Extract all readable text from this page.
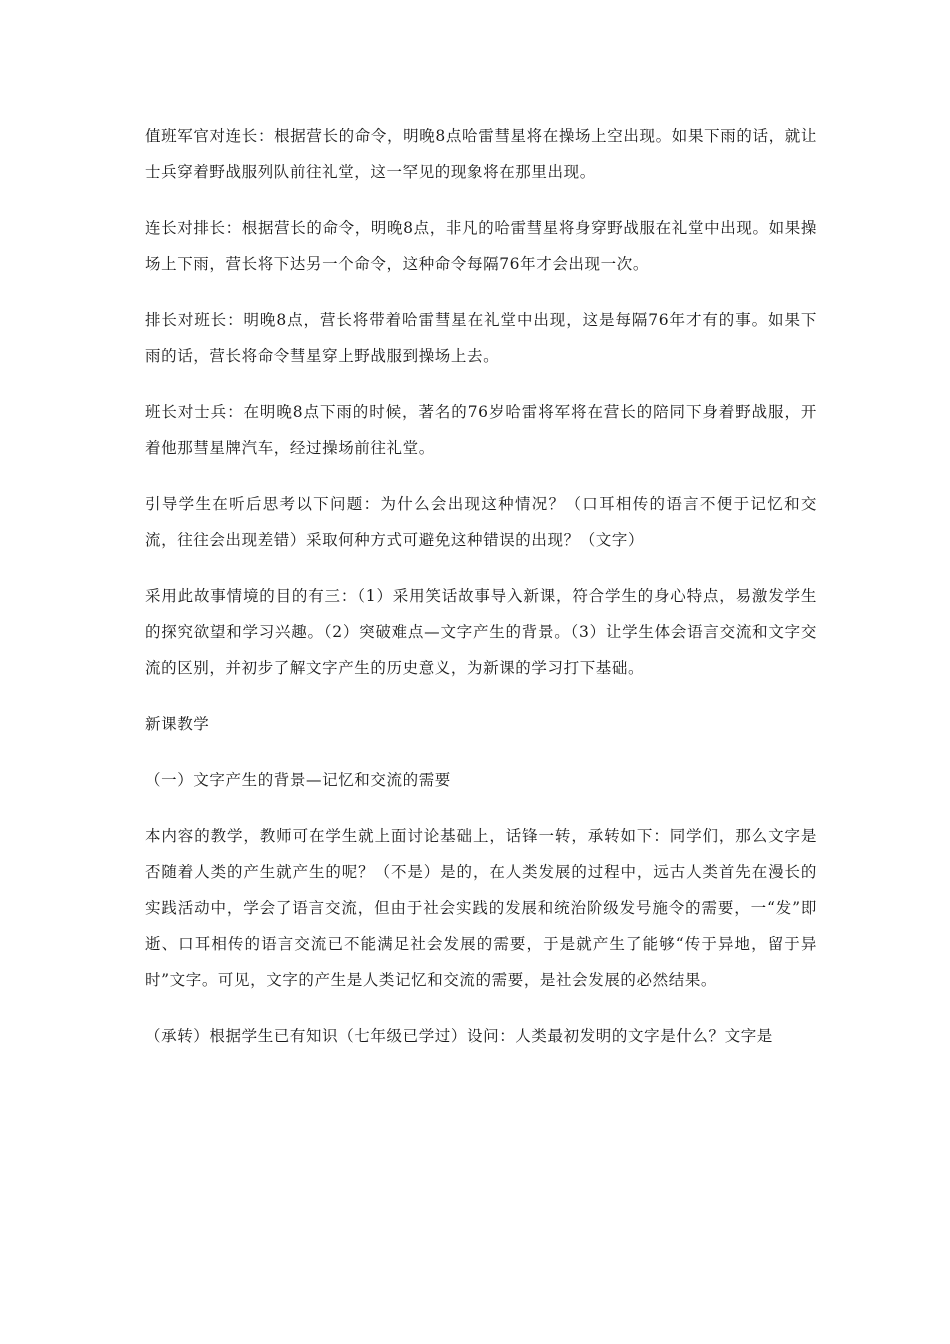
值班军官对连长：根据营长的命令，明晚8点哈雷彗星将在操场上空出现。如果下雨的话，就让士兵穿着野战服列队前往礼堂，这一罕见的现象将在那里出现。

连长对排长：根据营长的命令，明晚8点，非凡的哈雷彗星将身穿野战服在礼堂中出现。如果操场上下雨，营长将下达另一个命令，这种命令每隔76年才会出现一次。

排长对班长：明晚8点，营长将带着哈雷彗星在礼堂中出现，这是每隔76年才有的事。如果下雨的话，营长将命令彗星穿上野战服到操场上去。

班长对士兵：在明晚8点下雨的时候，著名的76岁哈雷将军将在营长的陪同下身着野战服，开着他那彗星牌汽车，经过操场前往礼堂。

引导学生在听后思考以下问题：为什么会出现这种情况？（口耳相传的语言不便于记忆和交流，往往会出现差错）采取何种方式可避免这种错误的出现？（文字）

采用此故事情境的目的有三：（1）采用笑话故事导入新课，符合学生的身心特点，易激发学生的探究欲望和学习兴趣。（2）突破难点—文字产生的背景。（3）让学生体会语言交流和文字交流的区别，并初步了解文字产生的历史意义，为新课的学习打下基础。

新课教学

（一）文字产生的背景—记忆和交流的需要

本内容的教学，教师可在学生就上面讨论基础上，话锋一转，承转如下：同学们，那么文字是否随着人类的产生就产生的呢？（不是）是的，在人类发展的过程中，远古人类首先在漫长的实践活动中，学会了语言交流，但由于社会实践的发展和统治阶级发号施令的需要，一“发”即逝、口耳相传的语言交流已不能满足社会发展的需要，于是就产生了能够“传于异地，留于异时”文字。可见，文字的产生是人类记忆和交流的需要，是社会发展的必然结果。

（承转）根据学生已有知识（七年级已学过）设问：人类最初发明的文字是什么？文字是
